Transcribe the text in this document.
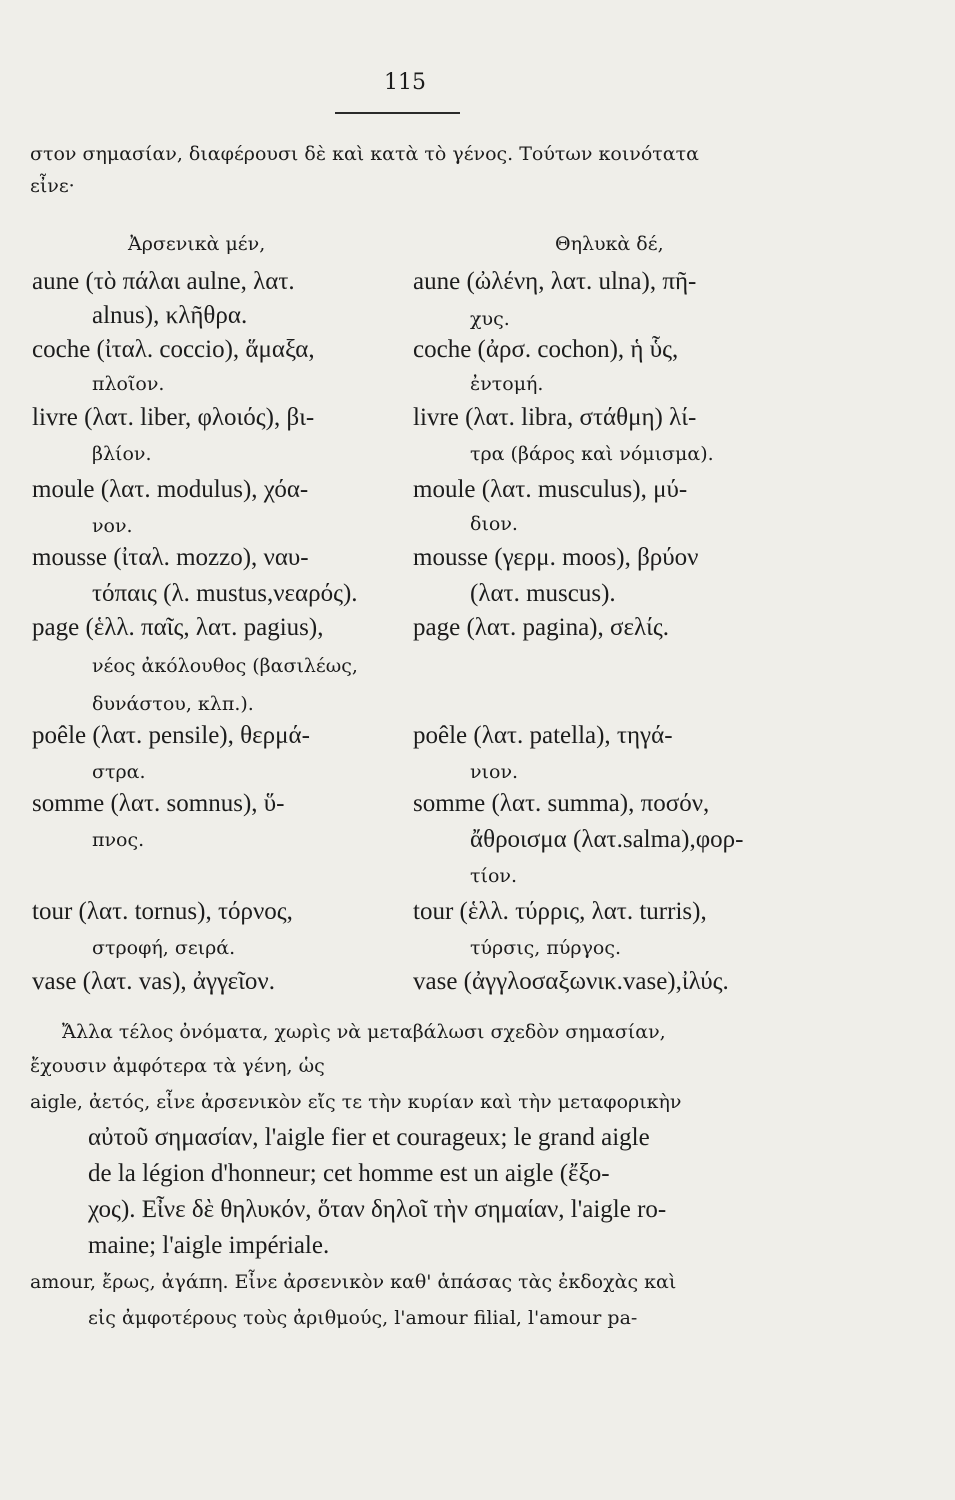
115
στον σημασίαν, διαφέρουσι δὲ καὶ κατὰ τὸ γένος. Τούτων κοινότατα
εἶνε·
Ἀρσενικὰ μέν,	Θηλυκὰ δέ,
aune (τὸ πάλαι aulne, λατ.
alnus), κλῆθρα.
aune (ὠλένη, λατ. ulna), πῆ-
χυς.
coche (ἰταλ. coccio), ἅμαξα,
πλοῖον.
coche (ἀρσ. cochon), ἡ ὗς,
ἐντομή.
livre (λατ. liber, φλοιός), βι-
βλίον.
livre (λατ. libra, στάθμη) λί-
τρα (βάρος καὶ νόμισμα).
moule (λατ. modulus), χόα-
νον.
moule (λατ. musculus), μύ-
διον.
mousse (ἰταλ. mozzo), ναυ-
τόπαις (λ. mustus,νεαρός).
mousse (γερμ. moos), βρύον
(λατ. muscus).
page (ἑλλ. παῖς, λατ. pagius),
νέος ἀκόλουθος (βασιλέως,
δυνάστου, κλπ.).
page (λατ. pagina), σελίς.
poêle (λατ. pensile), θερμά-
στρα.
poêle (λατ. patella), τηγά-
νιον.
somme (λατ. somnus), ὕ-
πνος.
somme (λατ. summa), ποσόν,
ἄθροισμα (λατ.salma),φορ-
τίον.
tour (λατ. tornus), τόρνος,
στροφή, σειρά.
tour (ἑλλ. τύρρις, λατ. turris),
τύρσις, πύργος.
vase (λατ. vas), ἀγγεῖον.	vase (ἀγγλοσαξωνικ.vase),ἰλύς.
Ἄλλα τέλος ὀνόματα, χωρὶς νὰ μεταβάλωσι σχεδὸν σημασίαν,
ἔχουσιν ἀμφότερα τὰ γένη, ὡς
aigle, ἀετός, εἶνε ἀρσενικὸν εἴς τε τὴν κυρίαν καὶ τὴν μεταφορικὴν
αὐτοῦ σημασίαν, l'aigle fier et courageux; le grand aigle
de la légion d'honneur; cet homme est un aigle (ἔξο-
χος). Εἶνε δὲ θηλυκόν, ὅταν δηλοῖ τὴν σημαίαν, l'aigle ro-
maine; l'aigle impériale.
amour, ἔρως, ἀγάπη. Εἶνε ἀρσενικὸν καθ' ἁπάσας τὰς ἐκδοχὰς καὶ
εἰς ἀμφοτέρους τοὺς ἀριθμούς, l'amour filial, l'amour pa-
